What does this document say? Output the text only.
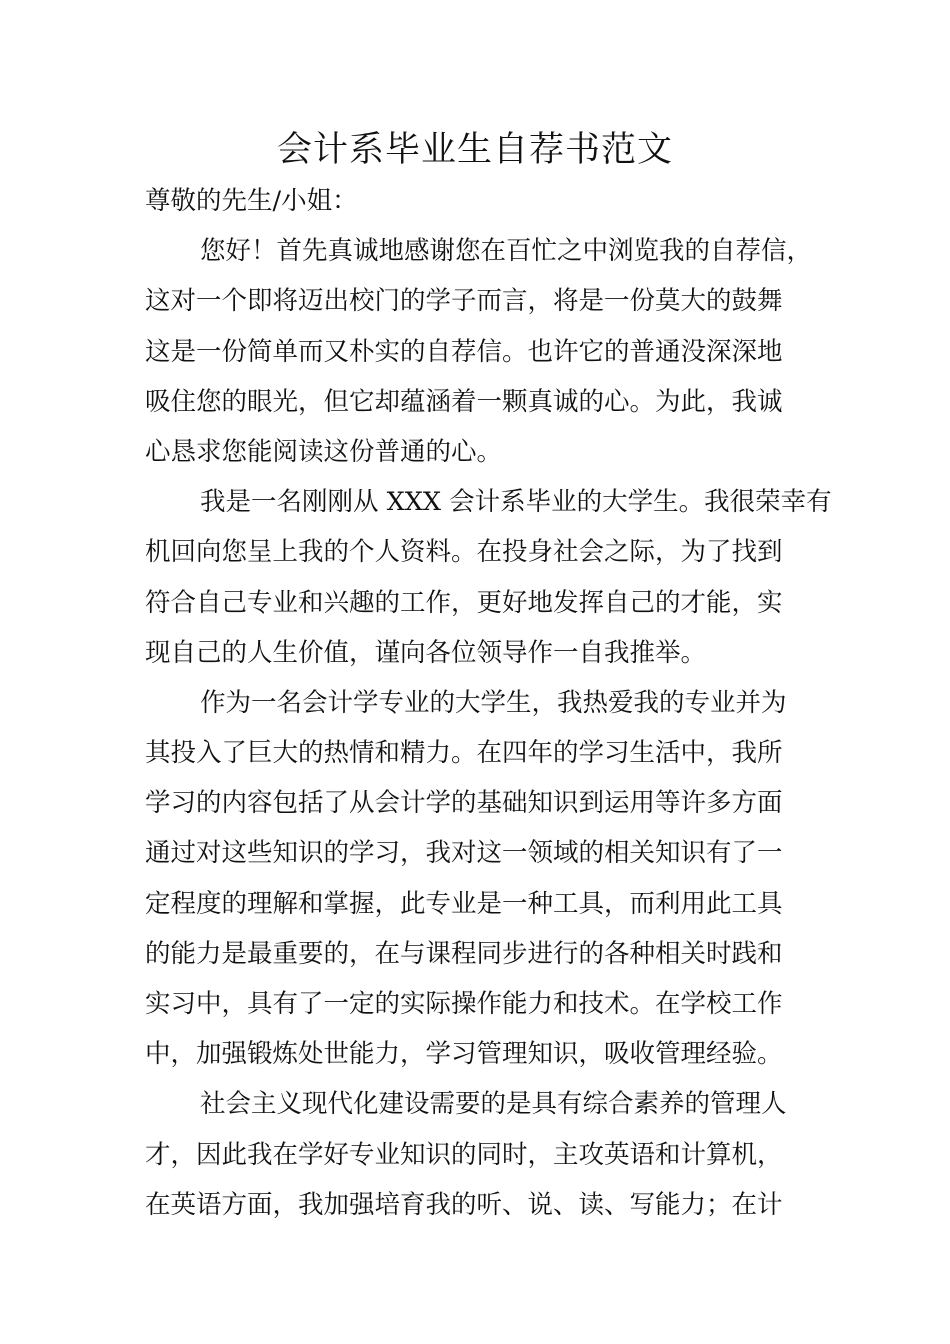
会计系毕业生自荐书范文
尊敬的先生/小姐：
您好！首先真诚地感谢您在百忙之中浏览我的自荐信，
这对一个即将迈出校门的学子而言，将是一份莫大的鼓舞
这是一份简单而又朴实的自荐信。也许它的普通没深深地
吸住您的眼光，但它却蕴涵着一颗真诚的心。为此，我诚
心恳求您能阅读这份普通的心。
我是一名刚刚从 XXX 会计系毕业的大学生。我很荣幸有
机回向您呈上我的个人资料。在投身社会之际，为了找到
符合自己专业和兴趣的工作，更好地发挥自己的才能，实
现自己的人生价值，谨向各位领导作一自我推举。
作为一名会计学专业的大学生，我热爱我的专业并为
其投入了巨大的热情和精力。在四年的学习生活中，我所
学习的内容包括了从会计学的基础知识到运用等许多方面
通过对这些知识的学习，我对这一领域的相关知识有了一
定程度的理解和掌握，此专业是一种工具，而利用此工具
的能力是最重要的，在与课程同步进行的各种相关时践和
实习中，具有了一定的实际操作能力和技术。在学校工作
中，加强锻炼处世能力，学习管理知识，吸收管理经验。
社会主义现代化建设需要的是具有综合素养的管理人
才，因此我在学好专业知识的同时，主攻英语和计算机，
在英语方面，我加强培育我的听、说、读、写能力；在计
